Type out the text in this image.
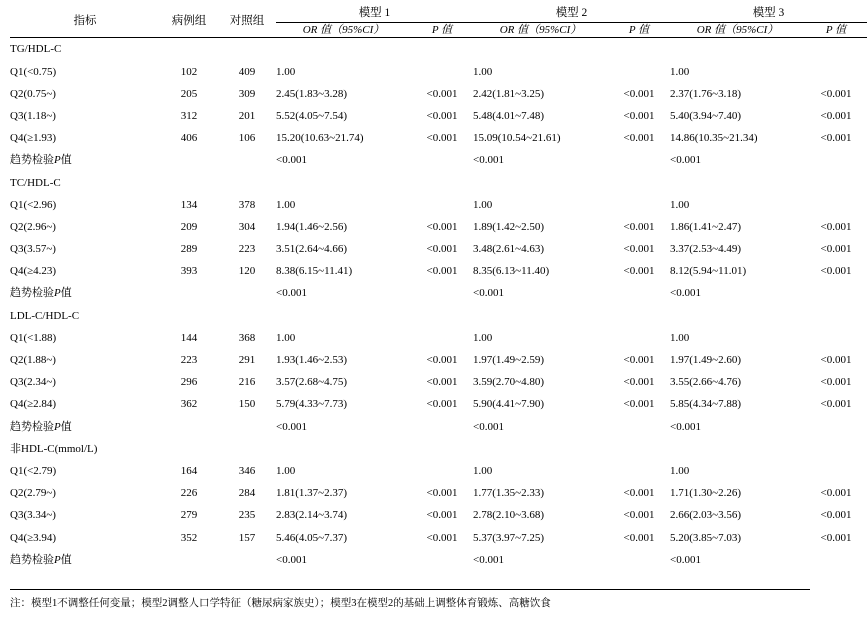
指标	病例组	对照组	模型 1		模型 2		模型 3	
			OR 值（95%CI）	P 值	OR 值（95%CI）	P 值	OR 值（95%CI）	P 值
TG/HDL-C								
Q1(<0.75)	102	409	1.00		1.00		1.00	
Q2(0.75~)	205	309	2.45(1.83~3.28)	<0.001	2.42(1.81~3.25)	<0.001	2.37(1.76~3.18)	<0.001
Q3(1.18~)	312	201	5.52(4.05~7.54)	<0.001	5.48(4.01~7.48)	<0.001	5.40(3.94~7.40)	<0.001
Q4(≥1.93)	406	106	15.20(10.63~21.74)	<0.001	15.09(10.54~21.61)	<0.001	14.86(10.35~21.34)	<0.001
趋势检验P值			<0.001		<0.001		<0.001	
TC/HDL-C								
Q1(<2.96)	134	378	1.00		1.00		1.00	
Q2(2.96~)	209	304	1.94(1.46~2.56)	<0.001	1.89(1.42~2.50)	<0.001	1.86(1.41~2.47)	<0.001
Q3(3.57~)	289	223	3.51(2.64~4.66)	<0.001	3.48(2.61~4.63)	<0.001	3.37(2.53~4.49)	<0.001
Q4(≥4.23)	393	120	8.38(6.15~11.41)	<0.001	8.35(6.13~11.40)	<0.001	8.12(5.94~11.01)	<0.001
趋势检验P值			<0.001		<0.001		<0.001	
LDL-C/HDL-C								
Q1(<1.88)	144	368	1.00		1.00		1.00	
Q2(1.88~)	223	291	1.93(1.46~2.53)	<0.001	1.97(1.49~2.59)	<0.001	1.97(1.49~2.60)	<0.001
Q3(2.34~)	296	216	3.57(2.68~4.75)	<0.001	3.59(2.70~4.80)	<0.001	3.55(2.66~4.76)	<0.001
Q4(≥2.84)	362	150	5.79(4.33~7.73)	<0.001	5.90(4.41~7.90)	<0.001	5.85(4.34~7.88)	<0.001
趋势检验P值			<0.001		<0.001		<0.001	
非HDL-C(mmol/L)								
Q1(<2.79)	164	346	1.00		1.00		1.00	
Q2(2.79~)	226	284	1.81(1.37~2.37)	<0.001	1.77(1.35~2.33)	<0.001	1.71(1.30~2.26)	<0.001
Q3(3.34~)	279	235	2.83(2.14~3.74)	<0.001	2.78(2.10~3.68)	<0.001	2.66(2.03~3.56)	<0.001
Q4(≥3.94)	352	157	5.46(4.05~7.37)	<0.001	5.37(3.97~7.25)	<0.001	5.20(3.85~7.03)	<0.001
趋势检验P值			<0.001		<0.001		<0.001	
注：模型1不调整任何变量；模型2调整人口学特征（糖尿病家族史）；模型3在模型2的基础上调整体育锻炼、高糖饮食
